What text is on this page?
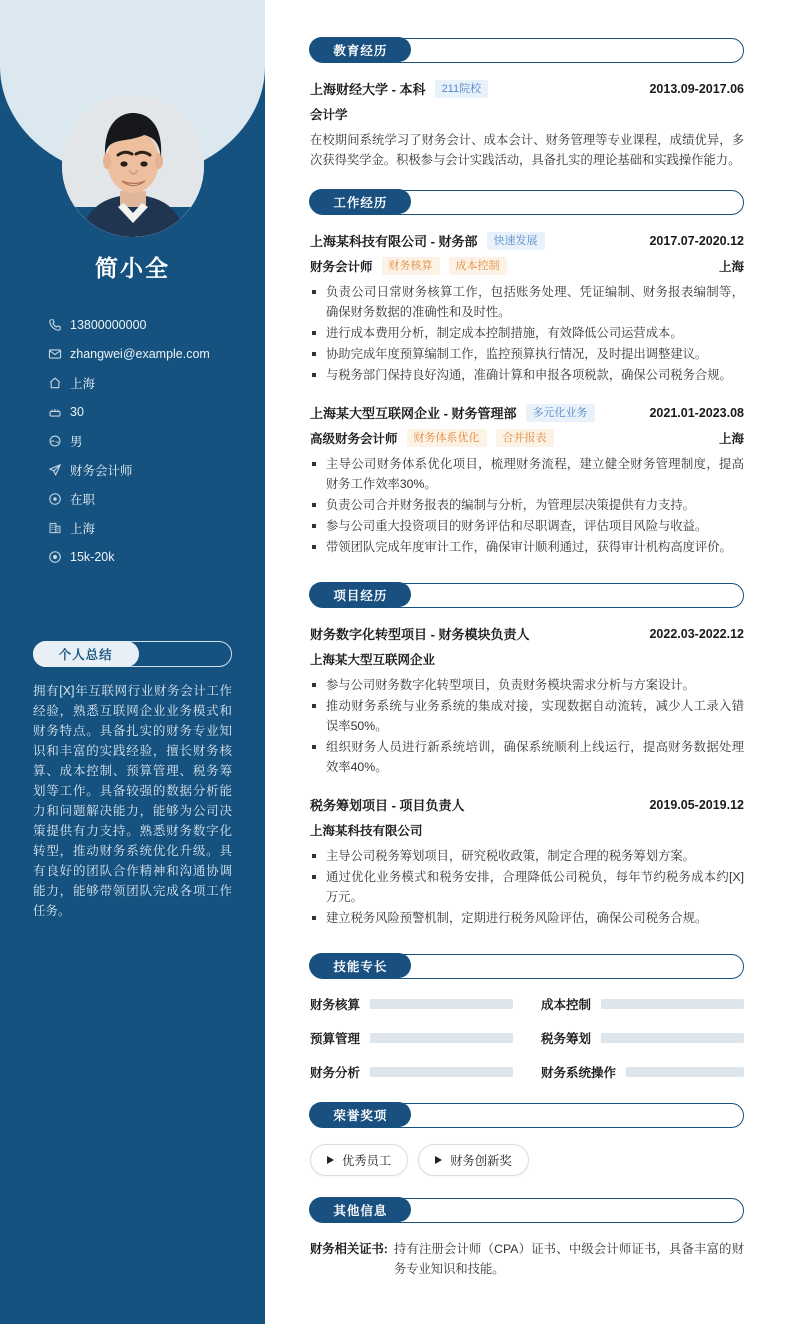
简小全
13800000000
zhangwei@example.com
上海
30
男
财务会计师
在职
上海
15k-20k
个人总结
拥有[X]年互联网行业财务会计工作经验，熟悉互联网企业业务模式和财务特点。具备扎实的财务专业知识和丰富的实践经验，擅长财务核算、成本控制、预算管理、税务筹划等工作。具备较强的数据分析能力和问题解决能力，能够为公司决策提供有力支持。熟悉财务数字化转型，推动财务系统优化升级。具有良好的团队合作精神和沟通协调能力，能够带领团队完成各项工作任务。
教育经历
上海财经大学 - 本科	211院校	2013.09-2017.06
会计学
在校期间系统学习了财务会计、成本会计、财务管理等专业课程，成绩优异，多次获得奖学金。积极参与会计实践活动，具备扎实的理论基础和实践操作能力。
工作经历
上海某科技有限公司 - 财务部	快速发展	2017.07-2020.12
财务会计师	财务核算	成本控制	上海
负责公司日常财务核算工作，包括账务处理、凭证编制、财务报表编制等，确保财务数据的准确性和及时性。
进行成本费用分析，制定成本控制措施，有效降低公司运营成本。
协助完成年度预算编制工作，监控预算执行情况，及时提出调整建议。
与税务部门保持良好沟通，准确计算和申报各项税款，确保公司税务合规。
上海某大型互联网企业 - 财务管理部	多元化业务	2021.01-2023.08
高级财务会计师	财务体系优化	合并报表	上海
主导公司财务体系优化项目，梳理财务流程，建立健全财务管理制度，提高财务工作效率30%。
负责公司合并财务报表的编制与分析，为管理层决策提供有力支持。
参与公司重大投资项目的财务评估和尽职调查，评估项目风险与收益。
带领团队完成年度审计工作，确保审计顺利通过，获得审计机构高度评价。
项目经历
财务数字化转型项目 - 财务模块负责人	2022.03-2022.12
上海某大型互联网企业
参与公司财务数字化转型项目，负责财务模块需求分析与方案设计。
推动财务系统与业务系统的集成对接，实现数据自动流转，减少人工录入错误率50%。
组织财务人员进行新系统培训，确保系统顺利上线运行，提高财务数据处理效率40%。
税务筹划项目 - 项目负责人	2019.05-2019.12
上海某科技有限公司
主导公司税务筹划项目，研究税收政策，制定合理的税务筹划方案。
通过优化业务模式和税务安排，合理降低公司税负，每年节约税务成本约[X]万元。
建立税务风险预警机制，定期进行税务风险评估，确保公司税务合规。
技能专长
财务核算	成本控制
预算管理	税务筹划
财务分析	财务系统操作
荣誉奖项
优秀员工	财务创新奖
其他信息
财务相关证书: 持有注册会计师（CPA）证书、中级会计师证书，具备丰富的财务专业知识和技能。
